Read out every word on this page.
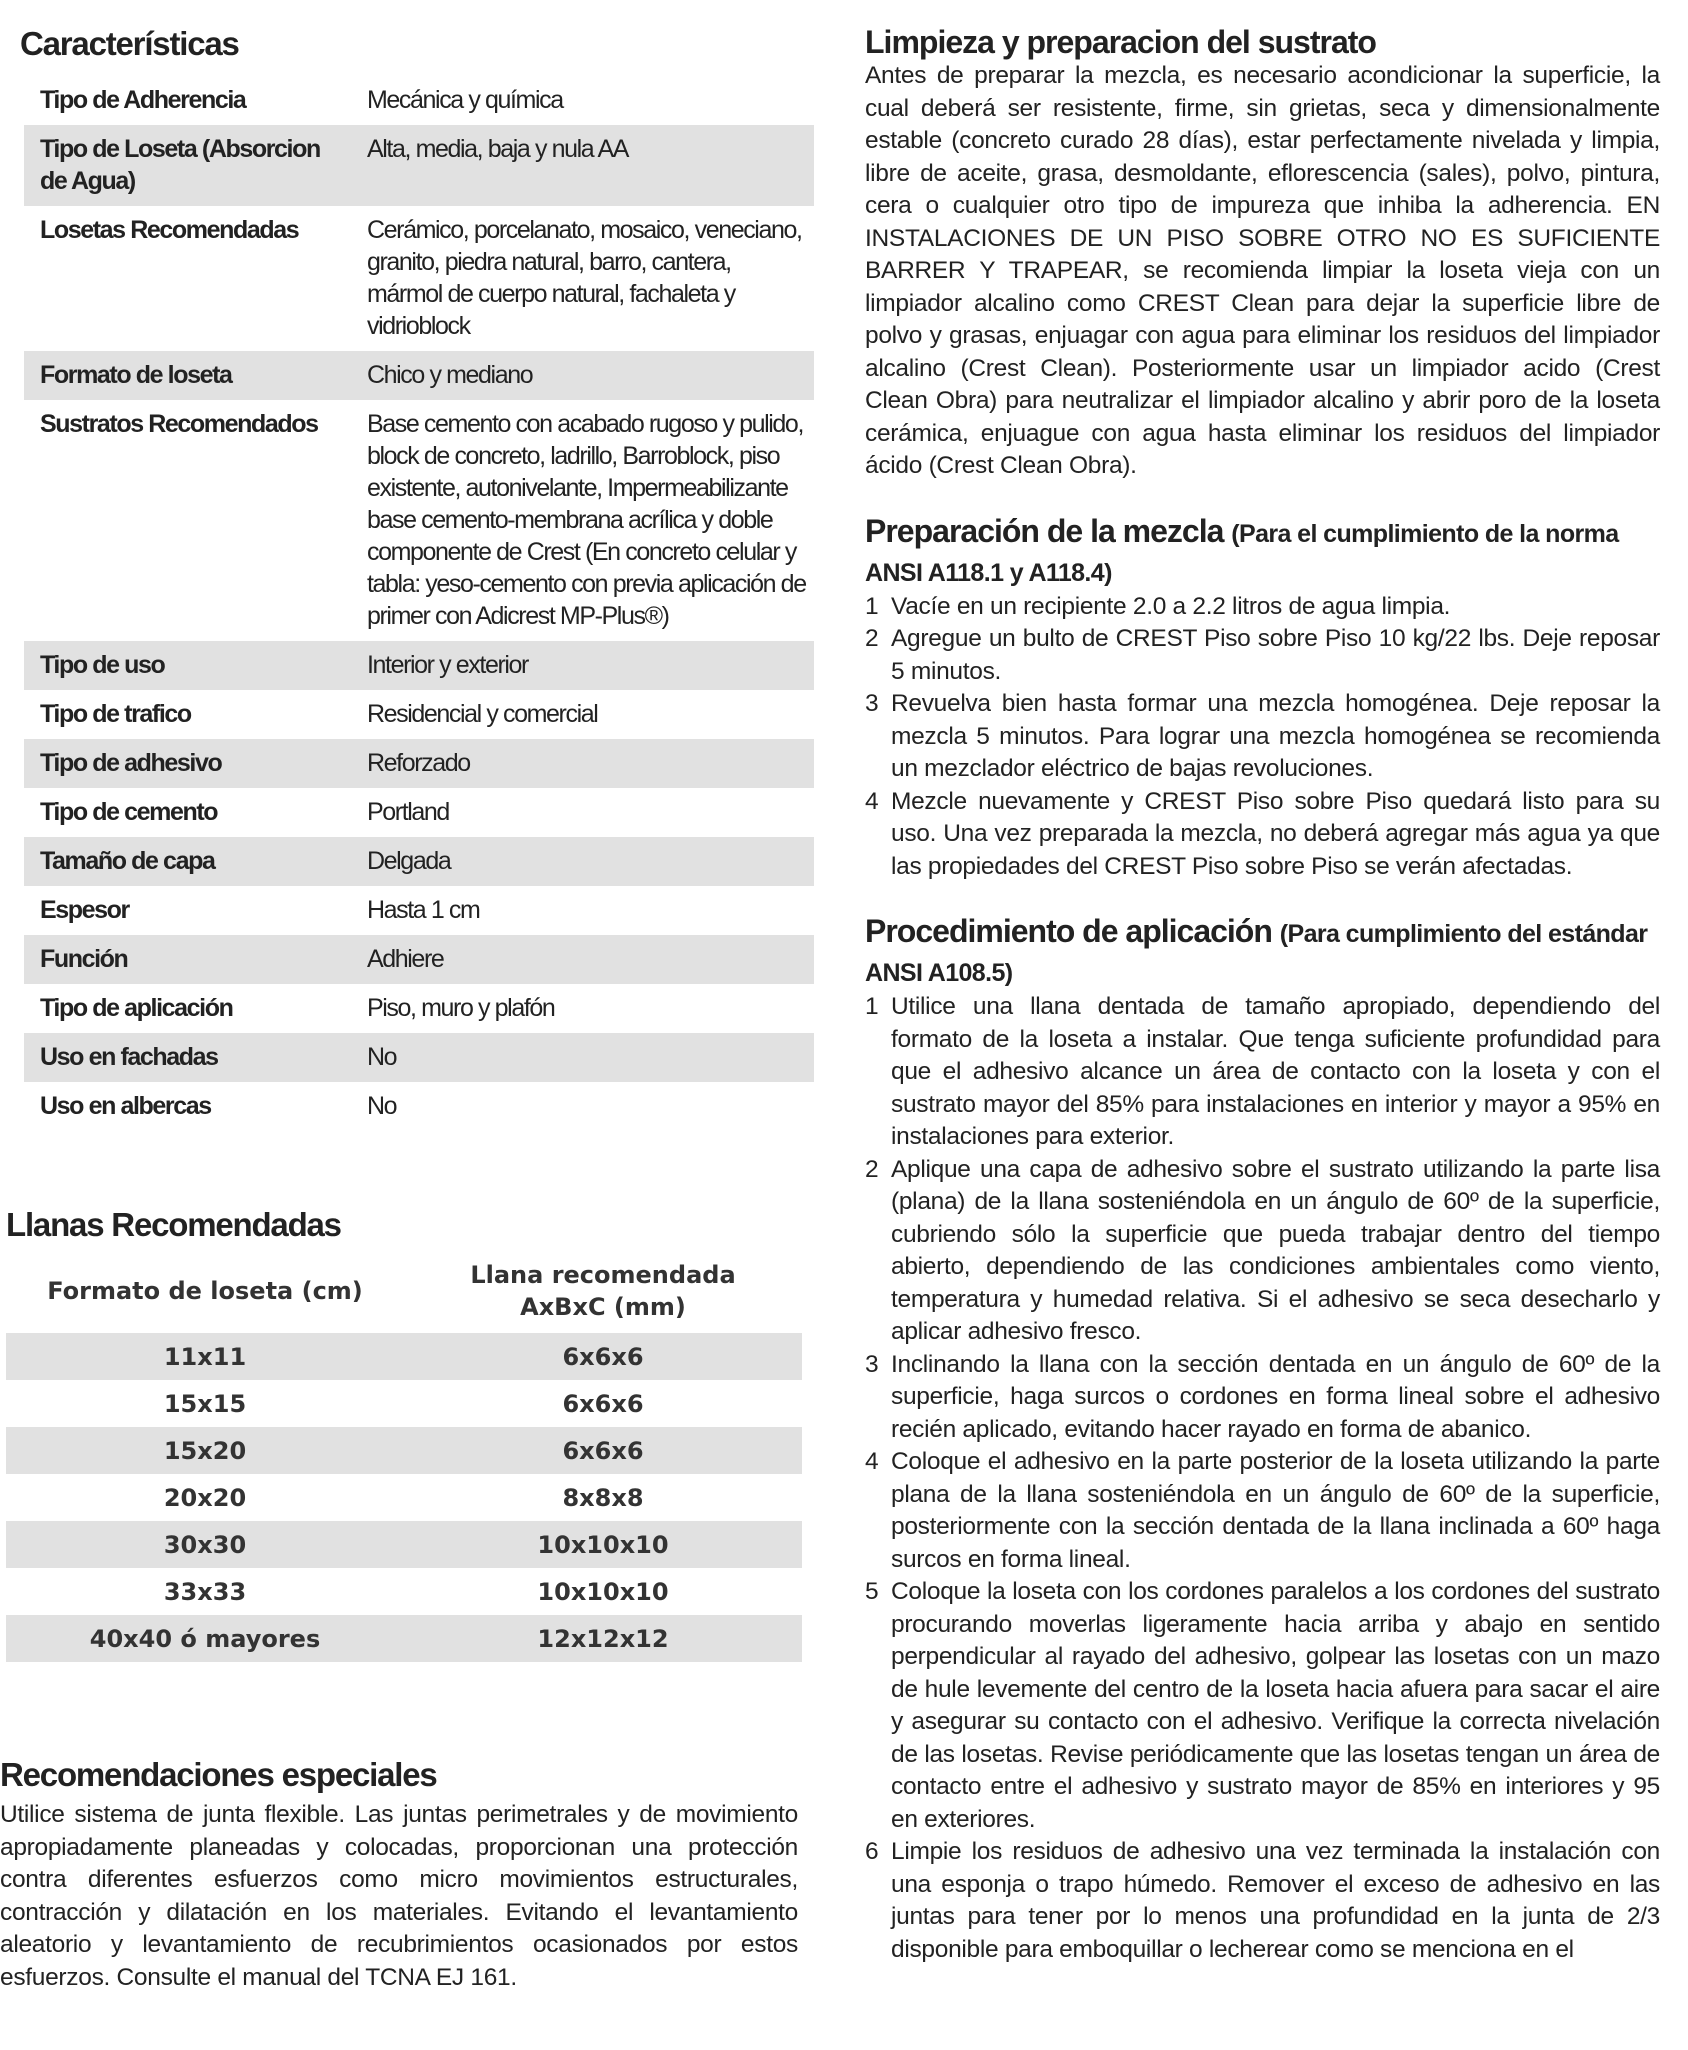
Características
Tipo de Adherencia	Mecánica y química
Tipo de Loseta (Absorcion de Agua)	Alta, media, baja y nula AA
Losetas Recomendadas	Cerámico, porcelanato, mosaico, veneciano, granito, piedra natural, barro, cantera, mármol de cuerpo natural, fachaleta y vidrioblock
Formato de loseta	Chico y mediano
Sustratos Recomendados	Base cemento con acabado rugoso y pulido, block de concreto, ladrillo, Barroblock, piso existente, autonivelante, Impermeabilizante base cemento-membrana acrílica y doble componente de Crest (En concreto celular y tabla: yeso-cemento con previa aplicación de primer con Adicrest MP-Plus®)
Tipo de uso	Interior y exterior
Tipo de trafico	Residencial y comercial
Tipo de adhesivo	Reforzado
Tipo de cemento	Portland
Tamaño de capa	Delgada
Espesor	Hasta 1 cm
Función	Adhiere
Tipo de aplicación	Piso, muro y plafón
Uso en fachadas	No
Uso en albercas	No
Llanas Recomendadas
Formato de loseta (cm)	Llana recomendada AxBxC (mm)
11x11	6x6x6
15x15	6x6x6
15x20	6x6x6
20x20	8x8x8
30x30	10x10x10
33x33	10x10x10
40x40 ó mayores	12x12x12
Recomendaciones especiales

Utilice sistema de junta flexible. Las juntas perimetrales y de movimiento apropiadamente planeadas y colocadas, proporcionan una protección contra diferentes esfuerzos como micro movimientos estructurales, contracción y dilatación en los materiales. Evitando el levantamiento aleatorio y levantamiento de recubrimientos ocasionados por estos esfuerzos. Consulte el manual del TCNA EJ 161.

Limpieza y preparacion del sustrato

Antes de preparar la mezcla, es necesario acondicionar la superficie, la cual deberá ser resistente, firme, sin grietas, seca y dimensionalmente estable (concreto curado 28 días), estar perfectamente nivelada y limpia, libre de aceite, grasa, desmoldante, eflorescencia (sales), polvo, pintura, cera o cualquier otro tipo de impureza que inhiba la adherencia. EN INSTALACIONES DE UN PISO SOBRE OTRO NO ES SUFICIENTE BARRER Y TRAPEAR, se recomienda limpiar la loseta vieja con un limpiador alcalino como CREST Clean para dejar la superficie libre de polvo y grasas, enjuagar con agua para eliminar los residuos del limpiador alcalino (Crest Clean). Posteriormente usar un limpiador acido (Crest Clean Obra) para neutralizar el limpiador alcalino y abrir poro de la loseta cerámica, enjuague con agua hasta eliminar los residuos del limpiador ácido (Crest Clean Obra).

Preparación de la mezcla (Para el cumplimiento de la norma ANSI A118.1 y A118.4)
1 Vacíe en un recipiente 2.0 a 2.2 litros de agua limpia.
2 Agregue un bulto de CREST Piso sobre Piso 10 kg/22 lbs. Deje reposar 5 minutos.
3 Revuelva bien hasta formar una mezcla homogénea. Deje reposar la mezcla 5 minutos. Para lograr una mezcla homogénea se recomienda un mezclador eléctrico de bajas revoluciones.
4 Mezcle nuevamente y CREST Piso sobre Piso quedará listo para su uso. Una vez preparada la mezcla, no deberá agregar más agua ya que las propiedades del CREST Piso sobre Piso se verán afectadas.
Procedimiento de aplicación (Para cumplimiento del estándar ANSI A108.5)
1 Utilice una llana dentada de tamaño apropiado, dependiendo del formato de la loseta a instalar. Que tenga suficiente profundidad para que el adhesivo alcance un área de contacto con la loseta y con el sustrato mayor del 85% para instalaciones en interior y mayor a 95% en instalaciones para exterior.
2 Aplique una capa de adhesivo sobre el sustrato utilizando la parte lisa (plana) de la llana sosteniéndola en un ángulo de 60º de la superficie, cubriendo sólo la superficie que pueda trabajar dentro del tiempo abierto, dependiendo de las condiciones ambientales como viento, temperatura y humedad relativa. Si el adhesivo se seca desecharlo y aplicar adhesivo fresco.
3 Inclinando la llana con la sección dentada en un ángulo de 60º de la superficie, haga surcos o cordones en forma lineal sobre el adhesivo recién aplicado, evitando hacer rayado en forma de abanico.
4 Coloque el adhesivo en la parte posterior de la loseta utilizando la parte plana de la llana sosteniéndola en un ángulo de 60º de la superficie, posteriormente con la sección dentada de la llana inclinada a 60º haga surcos en forma lineal.
5 Coloque la loseta con los cordones paralelos a los cordones del sustrato procurando moverlas ligeramente hacia arriba y abajo en sentido perpendicular al rayado del adhesivo, golpear las losetas con un mazo de hule levemente del centro de la loseta hacia afuera para sacar el aire y asegurar su contacto con el adhesivo. Verifique la correcta nivelación de las losetas. Revise periódicamente que las losetas tengan un área de contacto entre el adhesivo y sustrato mayor de 85% en interiores y 95 en exteriores.
6 Limpie los residuos de adhesivo una vez terminada la instalación con una esponja o trapo húmedo. Remover el exceso de adhesivo en las juntas para tener por lo menos una profundidad en la junta de 2/3 disponible para emboquillar o lecherear como se menciona en el
